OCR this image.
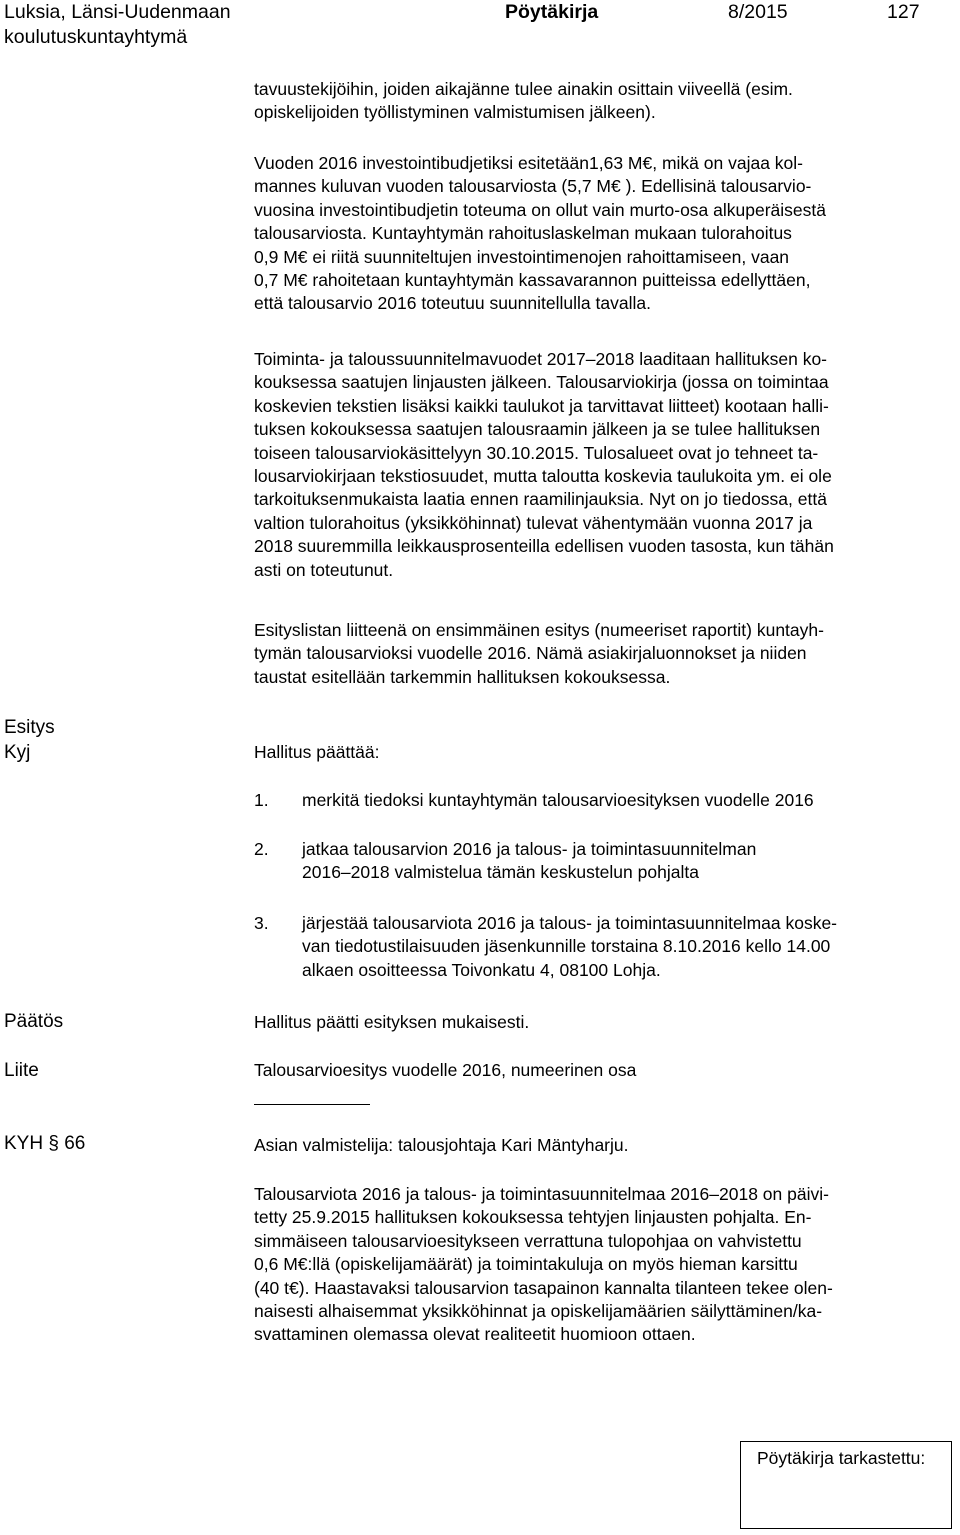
Luksia, Länsi-Uudenmaan
koulutuskuntayhtymä
Pöytäkirja	8/2015	127
tavuustekijöihin, joiden aikajänne tulee ainakin osittain viiveellä (esim.
opiskelijoiden työllistyminen valmistumisen jälkeen).
Vuoden 2016 investointibudjetiksi esitetään1,63 M€, mikä on vajaa kol-
mannes kuluvan vuoden talousarviosta (5,7 M€ ). Edellisinä talousarvio-
vuosina investointibudjetin toteuma on ollut vain murto-osa alkuperäisestä
talousarviosta. Kuntayhtymän rahoituslaskelman mukaan tulorahoitus
0,9 M€ ei riitä suunniteltujen investointimenojen rahoittamiseen, vaan
0,7 M€ rahoitetaan kuntayhtymän kassavarannon puitteissa edellyttäen,
että talousarvio 2016 toteutuu suunnitellulla tavalla.
Toiminta- ja taloussuunnitelmavuodet 2017–2018 laaditaan hallituksen ko-
kouksessa saatujen linjausten jälkeen. Talousarviokirja (jossa on toimintaa
koskevien tekstien lisäksi kaikki taulukot ja tarvittavat liitteet) kootaan halli-
tuksen kokouksessa saatujen talousraamin jälkeen ja se tulee hallituksen
toiseen talousarviokäsittelyyn 30.10.2015. Tulosalueet ovat jo tehneet ta-
lousarviokirjaan tekstiosuudet, mutta taloutta koskevia taulukoita ym. ei ole
tarkoituksenmukaista laatia ennen raamilinjauksia. Nyt on jo tiedossa, että
valtion tulorahoitus (yksikköhinnat) tulevat vähentymään vuonna 2017 ja
2018 suuremmilla leikkausprosenteilla edellisen vuoden tasosta, kun tähän
asti on toteutunut.
Esityslistan liitteenä on ensimmäinen esitys (numeeriset raportit) kuntayh-
tymän talousarvioksi vuodelle 2016. Nämä asiakirjaluonnokset ja niiden
taustat esitellään tarkemmin hallituksen kokouksessa.
Esitys
Kyj	Hallitus päättää:
1. merkitä tiedoksi kuntayhtymän talousarvioesityksen vuodelle 2016
2. jatkaa talousarvion 2016 ja talous- ja toimintasuunnitelman
2016–2018 valmistelua tämän keskustelun pohjalta
3. järjestää talousarviota 2016 ja talous- ja toimintasuunnitelmaa koske-
van tiedotustilaisuuden jäsenkunnille torstaina 8.10.2016 kello 14.00
alkaen osoitteessa Toivonkatu 4, 08100 Lohja.
Päätös	Hallitus päätti esityksen mukaisesti.
Liite	Talousarvioesitys vuodelle 2016, numeerinen osa
KYH § 66	Asian valmistelija: talousjohtaja Kari Mäntyharju.
Talousarviota 2016 ja talous- ja toimintasuunnitelmaa 2016–2018 on päivi-
tetty 25.9.2015 hallituksen kokouksessa tehtyjen linjausten pohjalta. En-
simmäiseen talousarvioesitykseen verrattuna tulopohjaa on vahvistettu
0,6 M€:llä (opiskelijamäärät) ja toimintakuluja on myös hieman karsittu
(40 t€). Haastavaksi talousarvion tasapainon kannalta tilanteen tekee olen-
naisesti alhaisemmat yksikköhinnat ja opiskelijamäärien säilyttäminen/ka-
svattaminen olemassa olevat realiteetit huomioon ottaen.
Pöytäkirja tarkastettu:
